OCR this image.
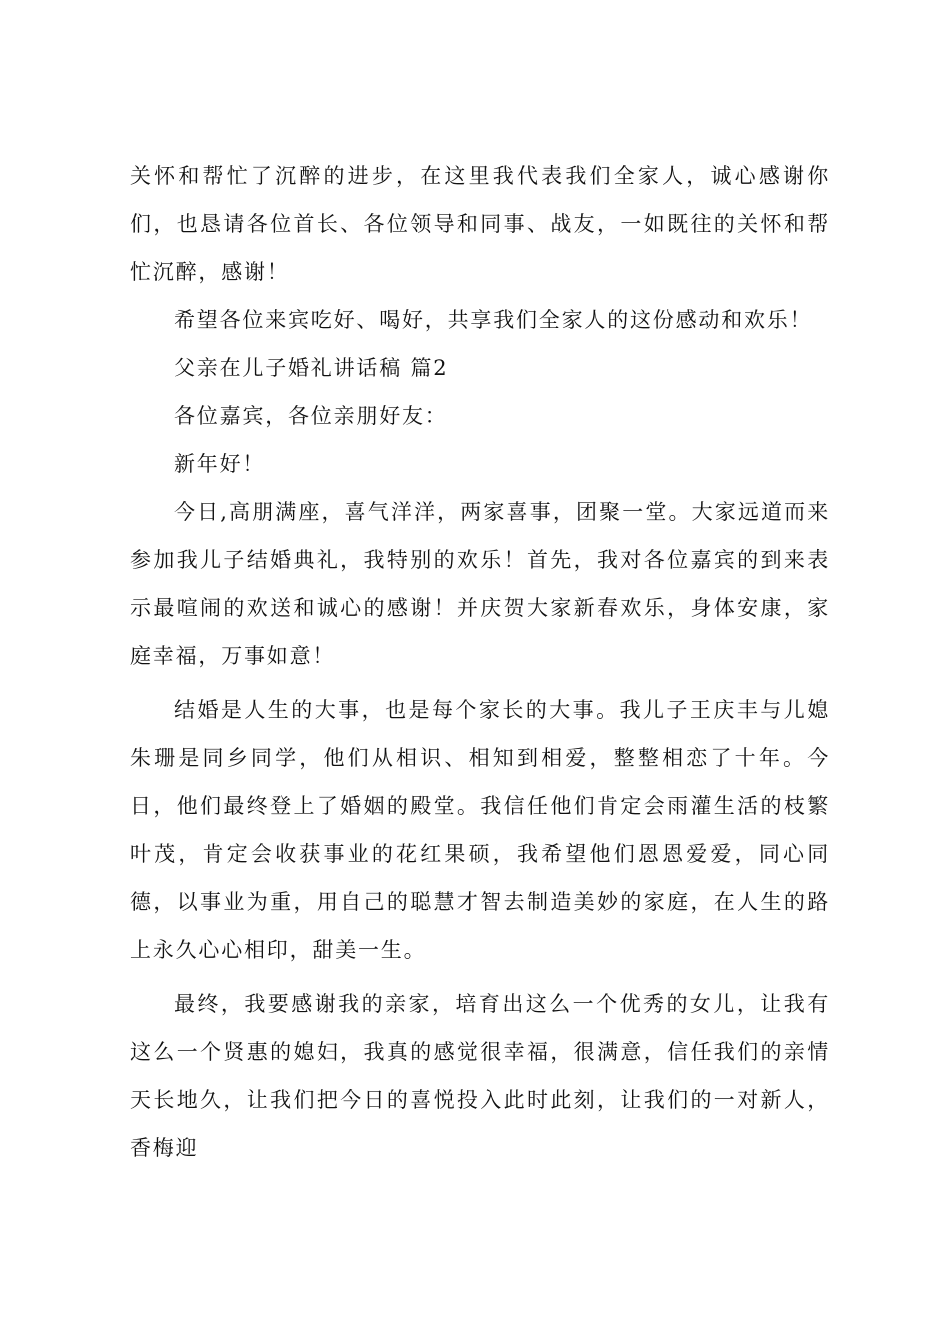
关怀和帮忙了沉醉的进步，在这里我代表我们全家人，诚心感谢你们，也恳请各位首长、各位领导和同事、战友，一如既往的关怀和帮忙沉醉，感谢！

希望各位来宾吃好、喝好，共享我们全家人的这份感动和欢乐！

父亲在儿子婚礼讲话稿 篇2

各位嘉宾，各位亲朋好友：

新年好！

今日,高朋满座，喜气洋洋，两家喜事，团聚一堂。大家远道而来参加我儿子结婚典礼，我特别的欢乐！首先，我对各位嘉宾的到来表示最喧闹的欢送和诚心的感谢！并庆贺大家新春欢乐，身体安康，家庭幸福，万事如意！

结婚是人生的大事，也是每个家长的大事。我儿子王庆丰与儿媳朱珊是同乡同学，他们从相识、相知到相爱，整整相恋了十年。今日，他们最终登上了婚姻的殿堂。我信任他们肯定会雨灌生活的枝繁叶茂，肯定会收获事业的花红果硕，我希望他们恩恩爱爱，同心同德，以事业为重，用自己的聪慧才智去制造美妙的家庭，在人生的路上永久心心相印，甜美一生。

最终，我要感谢我的亲家，培育出这么一个优秀的女儿，让我有这么一个贤惠的媳妇，我真的感觉很幸福，很满意，信任我们的亲情天长地久，让我们把今日的喜悦投入此时此刻，让我们的一对新人，香梅迎
